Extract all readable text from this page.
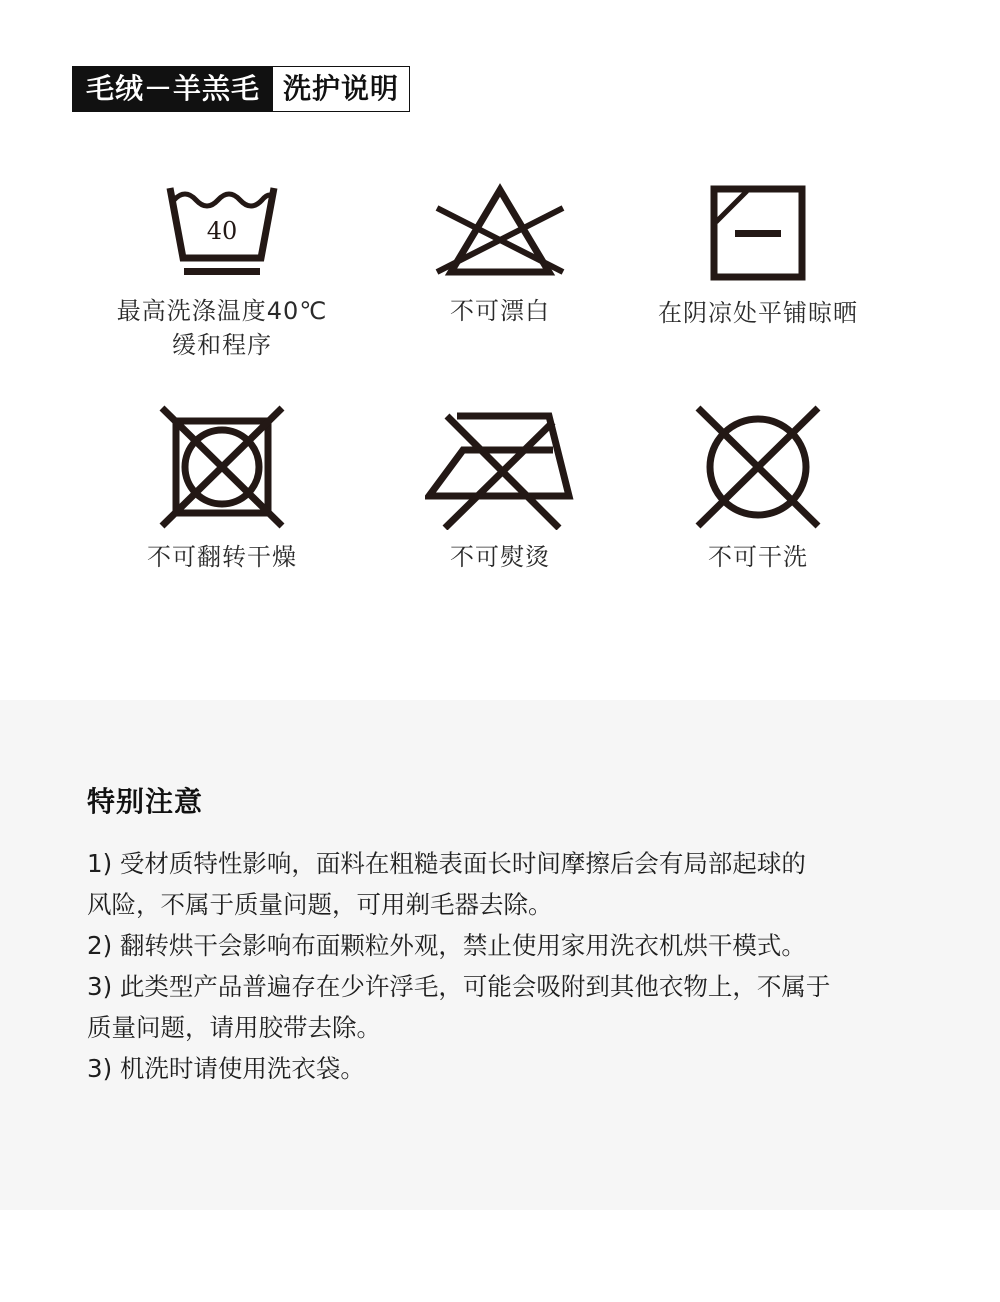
毛绒－羊羔毛 洗护说明
40
最高洗涤温度40℃
缓和程序
不可漂白	在阴凉处平铺晾晒
不可翻转干燥	不可熨烫	不可干洗
特别注意
1) 受材质特性影响，面料在粗糙表面长时间摩擦后会有局部起球的
风险，不属于质量问题，可用剃毛器去除。
2) 翻转烘干会影响布面颗粒外观，禁止使用家用洗衣机烘干模式。
3) 此类型产品普遍存在少许浮毛，可能会吸附到其他衣物上，不属于
质量问题，请用胶带去除。
3) 机洗时请使用洗衣袋。
